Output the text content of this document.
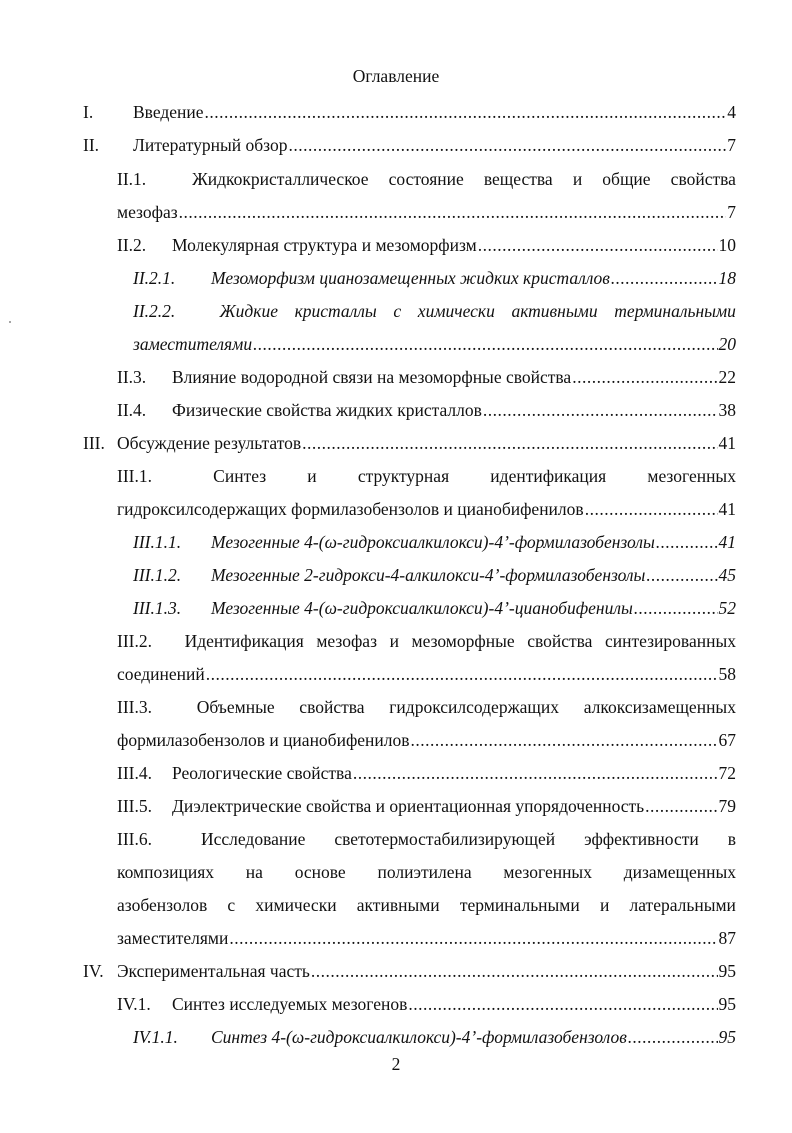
Оглавление
I.	Введение .....	4
II.	Литературный обзор .....	7
II.1.	Жидкокристаллическое состояние вещества и общие свойства
мезофаз .....	7
II.2.	Молекулярная структура и мезоморфизм .....	10
II.2.1.	Мезоморфизм цианозамещенных жидких кристаллов .....	18
II.2.2.	Жидкие кристаллы с химически активными терминальными
заместителями .....	20
II.3.	Влияние водородной связи на мезоморфные свойства .....	22
II.4.	Физические свойства жидких кристаллов .....	38
III. Обсуждение результатов .....	41
III.1.	Синтез и структурная идентификация мезогенных
гидроксилсодержащих формилазобензолов и цианобифенилов .....	41
III.1.1.	Мезогенные 4-(ω-гидроксиалкилокси)-4’-формилазобензолы .....	41
III.1.2.	Мезогенные 2-гидрокси-4-алкилокси-4’-формилазобензолы .....	45
III.1.3.	Мезогенные 4-(ω-гидроксиалкилокси)-4’-цианобифенилы .....	52
III.2.	Идентификация мезофаз и мезоморфные свойства синтезированных
соединений .....	58
III.3.	Объемные свойства гидроксилсодержащих алкоксизамещенных
формилазобензолов и цианобифенилов .....	67
III.4.	Реологические свойства .....	72
III.5.	Диэлектрические свойства и ориентационная упорядоченность .....	79
III.6.	Исследование светотермостабилизирующей эффективности в
композициях на основе полиэтилена мезогенных дизамещенных
азобензолов с химически активными терминальными и латеральными
заместителями .....	87
IV. Экспериментальная часть .....	95
IV.1.	Синтез исследуемых мезогенов .....	95
IV.1.1.	Синтез 4-(ω-гидроксиалкилокси)-4’-формилазобензолов .....	95
2
